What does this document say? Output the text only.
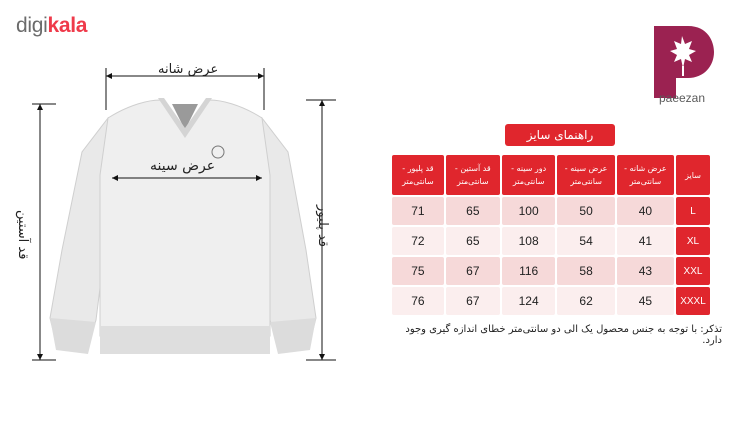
digikala
paeezan
عرض شانه
عرض سینه
قد آستین	قد پلیور
راهنمای سایز
قد پلیور - سانتی‌متر	قد آستین - سانتی‌متر	دور سینه - سانتی‌متر	عرض سینه - سانتی‌متر	عرض شانه - سانتی‌متر	سایز
71	65	100	50	40	L
72	65	108	54	41	XL
75	67	116	58	43	XXL
76	67	124	62	45	XXXL
تذکر: با توجه به جنس محصول یک الی دو سانتی‌متر خطای اندازه گیری وجود دارد.
